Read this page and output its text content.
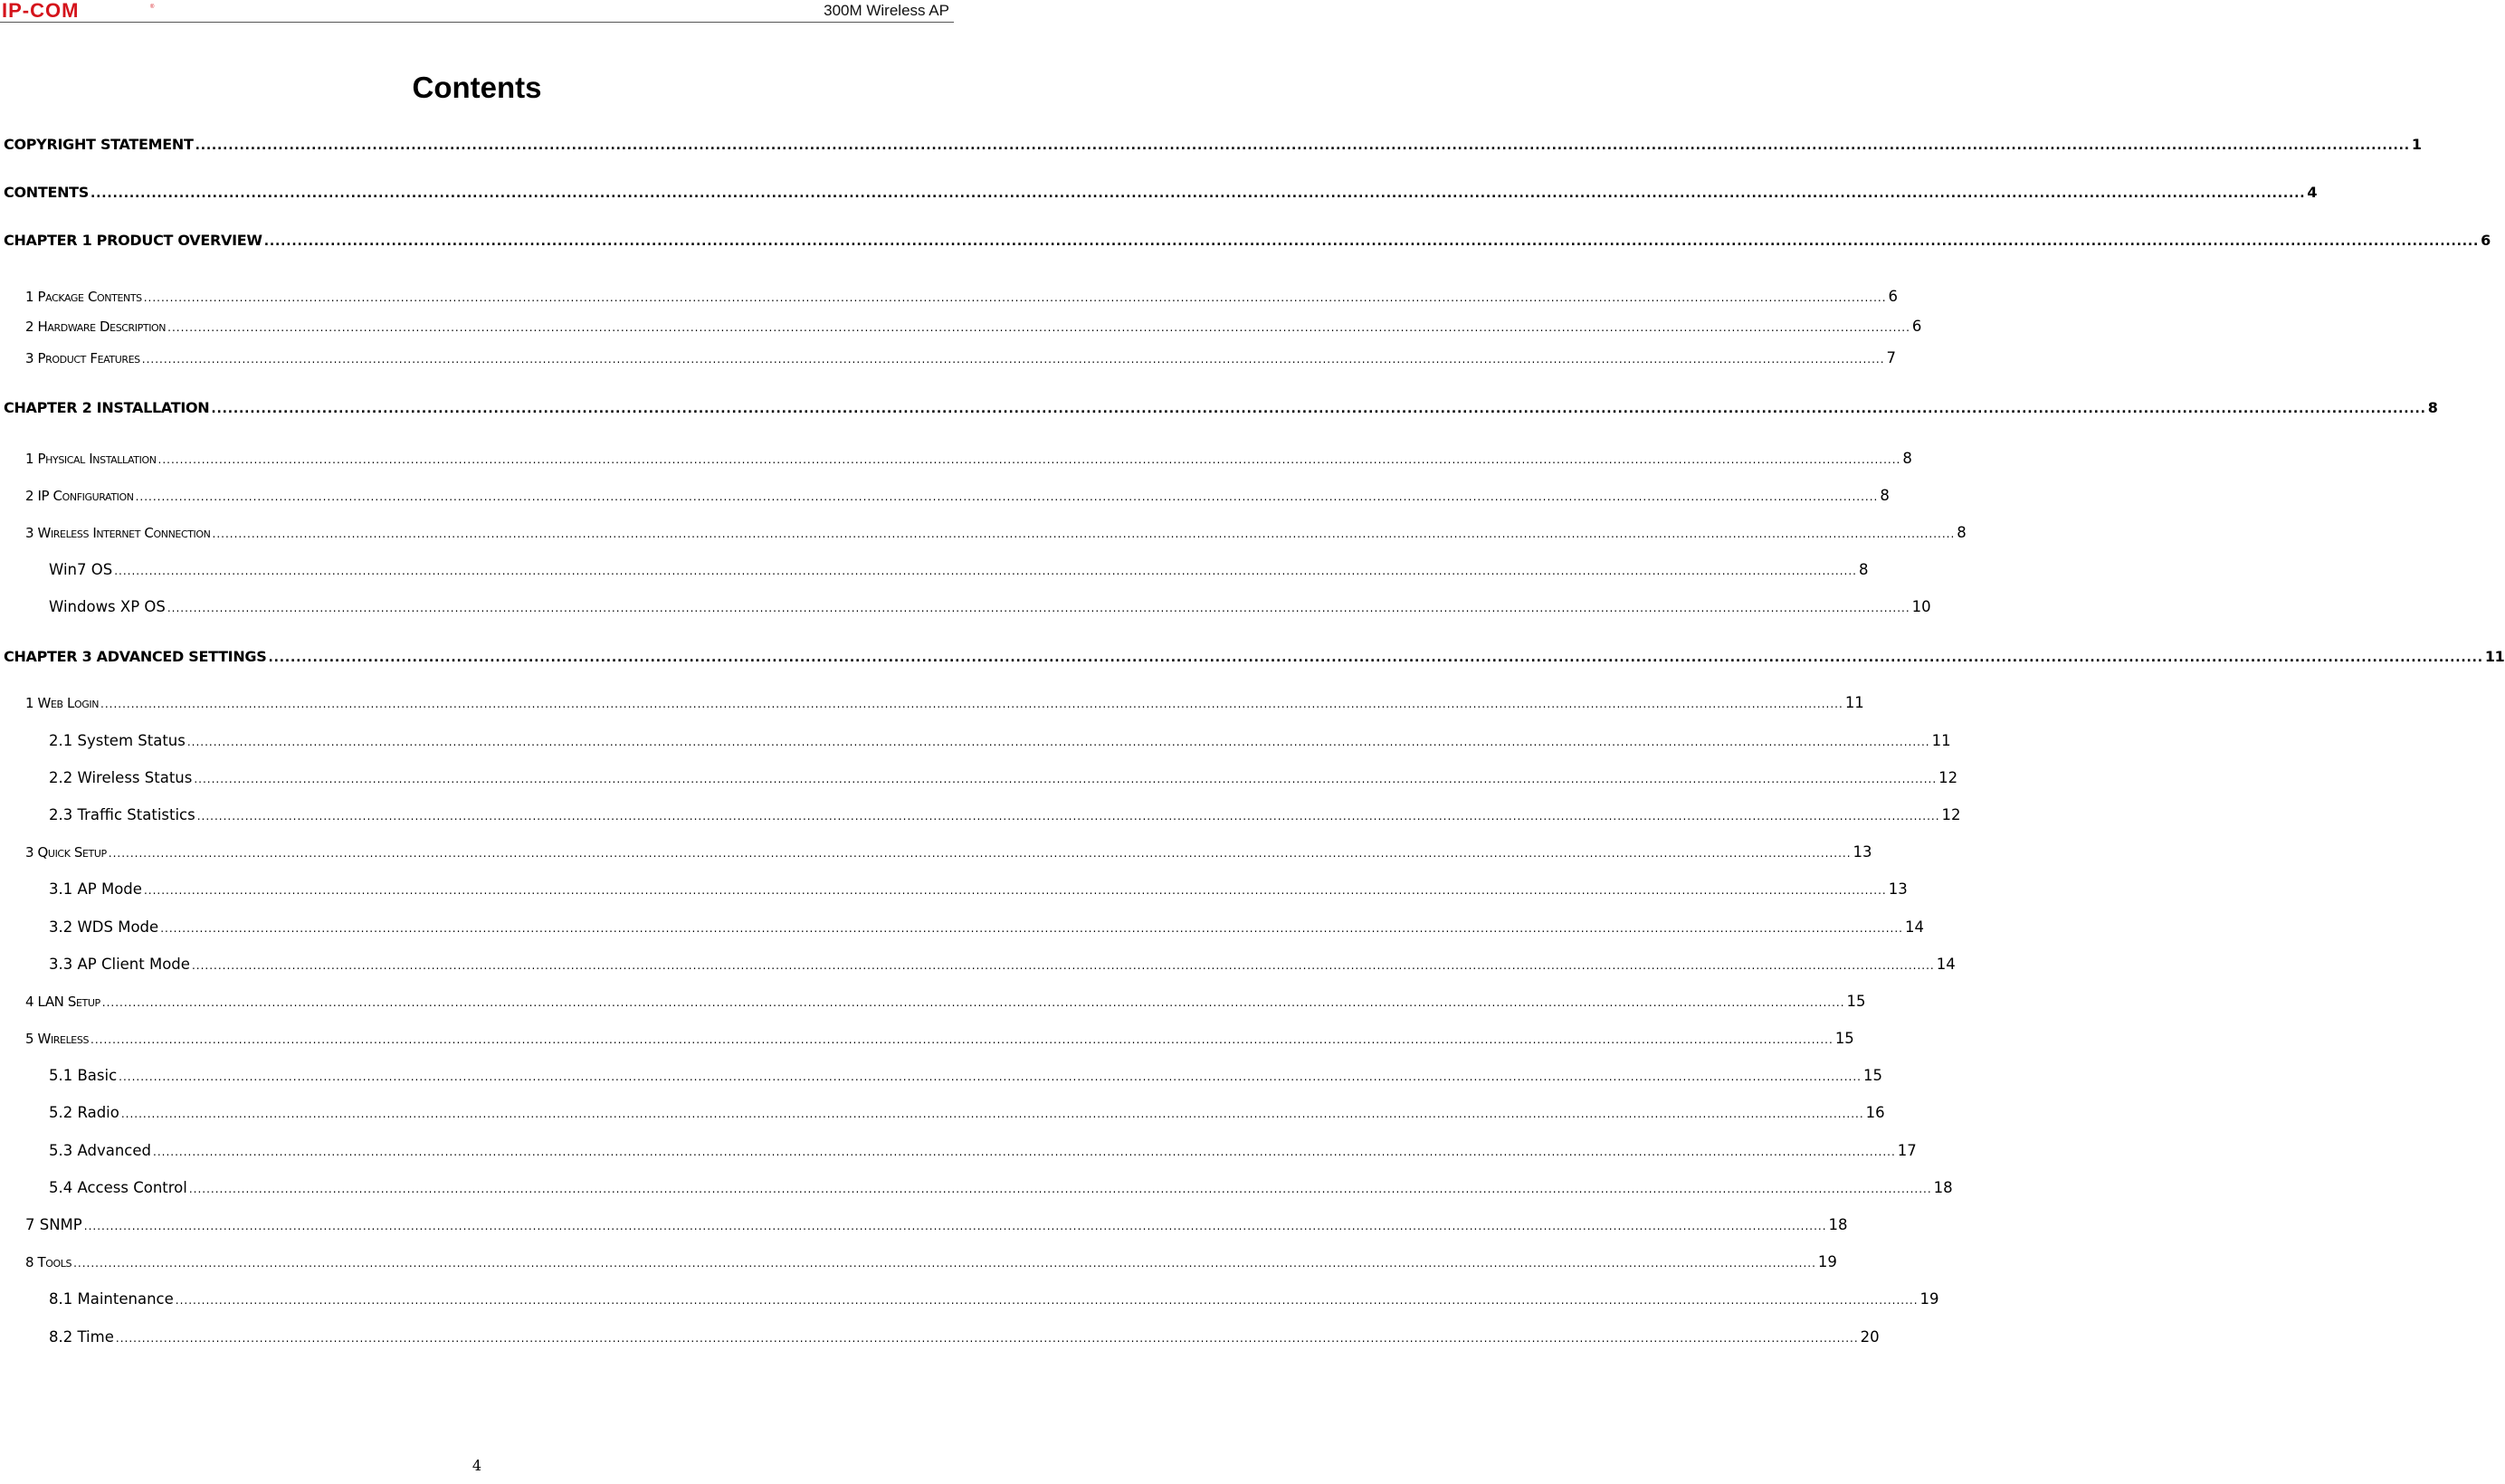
IP-COM	®	300M Wireless AP
Contents
COPYRIGHT STATEMENT ................................................................................................................................................................................................................................................................................................................................................................................................................ 1
CONTENTS ................................................................................................................................................................................................................................................................................................................................................................................................................ 4
CHAPTER 1 PRODUCT OVERVIEW ................................................................................................................................................................................................................................................................................................................................................................................................................ 6
1 Package Contents ................................................................................................................................................................................................................................................................................................................................................................................................................ 6
2 Hardware Description ................................................................................................................................................................................................................................................................................................................................................................................................................ 6
3 Product Features ................................................................................................................................................................................................................................................................................................................................................................................................................ 7
CHAPTER 2 INSTALLATION ................................................................................................................................................................................................................................................................................................................................................................................................................ 8
1 Physical Installation ................................................................................................................................................................................................................................................................................................................................................................................................................ 8
2 IP Configuration ................................................................................................................................................................................................................................................................................................................................................................................................................ 8
3 Wireless Internet Connection ................................................................................................................................................................................................................................................................................................................................................................................................................ 8
Win7 OS ................................................................................................................................................................................................................................................................................................................................................................................................................ 8
Windows XP OS ................................................................................................................................................................................................................................................................................................................................................................................................................ 10
CHAPTER 3 ADVANCED SETTINGS ................................................................................................................................................................................................................................................................................................................................................................................................................ 11
1 Web Login ................................................................................................................................................................................................................................................................................................................................................................................................................ 11
2.1 System Status ................................................................................................................................................................................................................................................................................................................................................................................................................ 11
2.2 Wireless Status ................................................................................................................................................................................................................................................................................................................................................................................................................ 12
2.3 Traffic Statistics ................................................................................................................................................................................................................................................................................................................................................................................................................ 12
3 Quick Setup ................................................................................................................................................................................................................................................................................................................................................................................................................ 13
3.1 AP Mode ................................................................................................................................................................................................................................................................................................................................................................................................................ 13
3.2 WDS Mode ................................................................................................................................................................................................................................................................................................................................................................................................................ 14
3.3 AP Client Mode ................................................................................................................................................................................................................................................................................................................................................................................................................ 14
4 LAN Setup ................................................................................................................................................................................................................................................................................................................................................................................................................ 15
5 Wireless ................................................................................................................................................................................................................................................................................................................................................................................................................ 15
5.1 Basic ................................................................................................................................................................................................................................................................................................................................................................................................................ 15
5.2 Radio ................................................................................................................................................................................................................................................................................................................................................................................................................ 16
5.3 Advanced ................................................................................................................................................................................................................................................................................................................................................................................................................ 17
5.4 Access Control ................................................................................................................................................................................................................................................................................................................................................................................................................ 18
7 SNMP ................................................................................................................................................................................................................................................................................................................................................................................................................ 18
8 Tools ................................................................................................................................................................................................................................................................................................................................................................................................................ 19
8.1 Maintenance ................................................................................................................................................................................................................................................................................................................................................................................................................ 19
8.2 Time ................................................................................................................................................................................................................................................................................................................................................................................................................ 20
4
